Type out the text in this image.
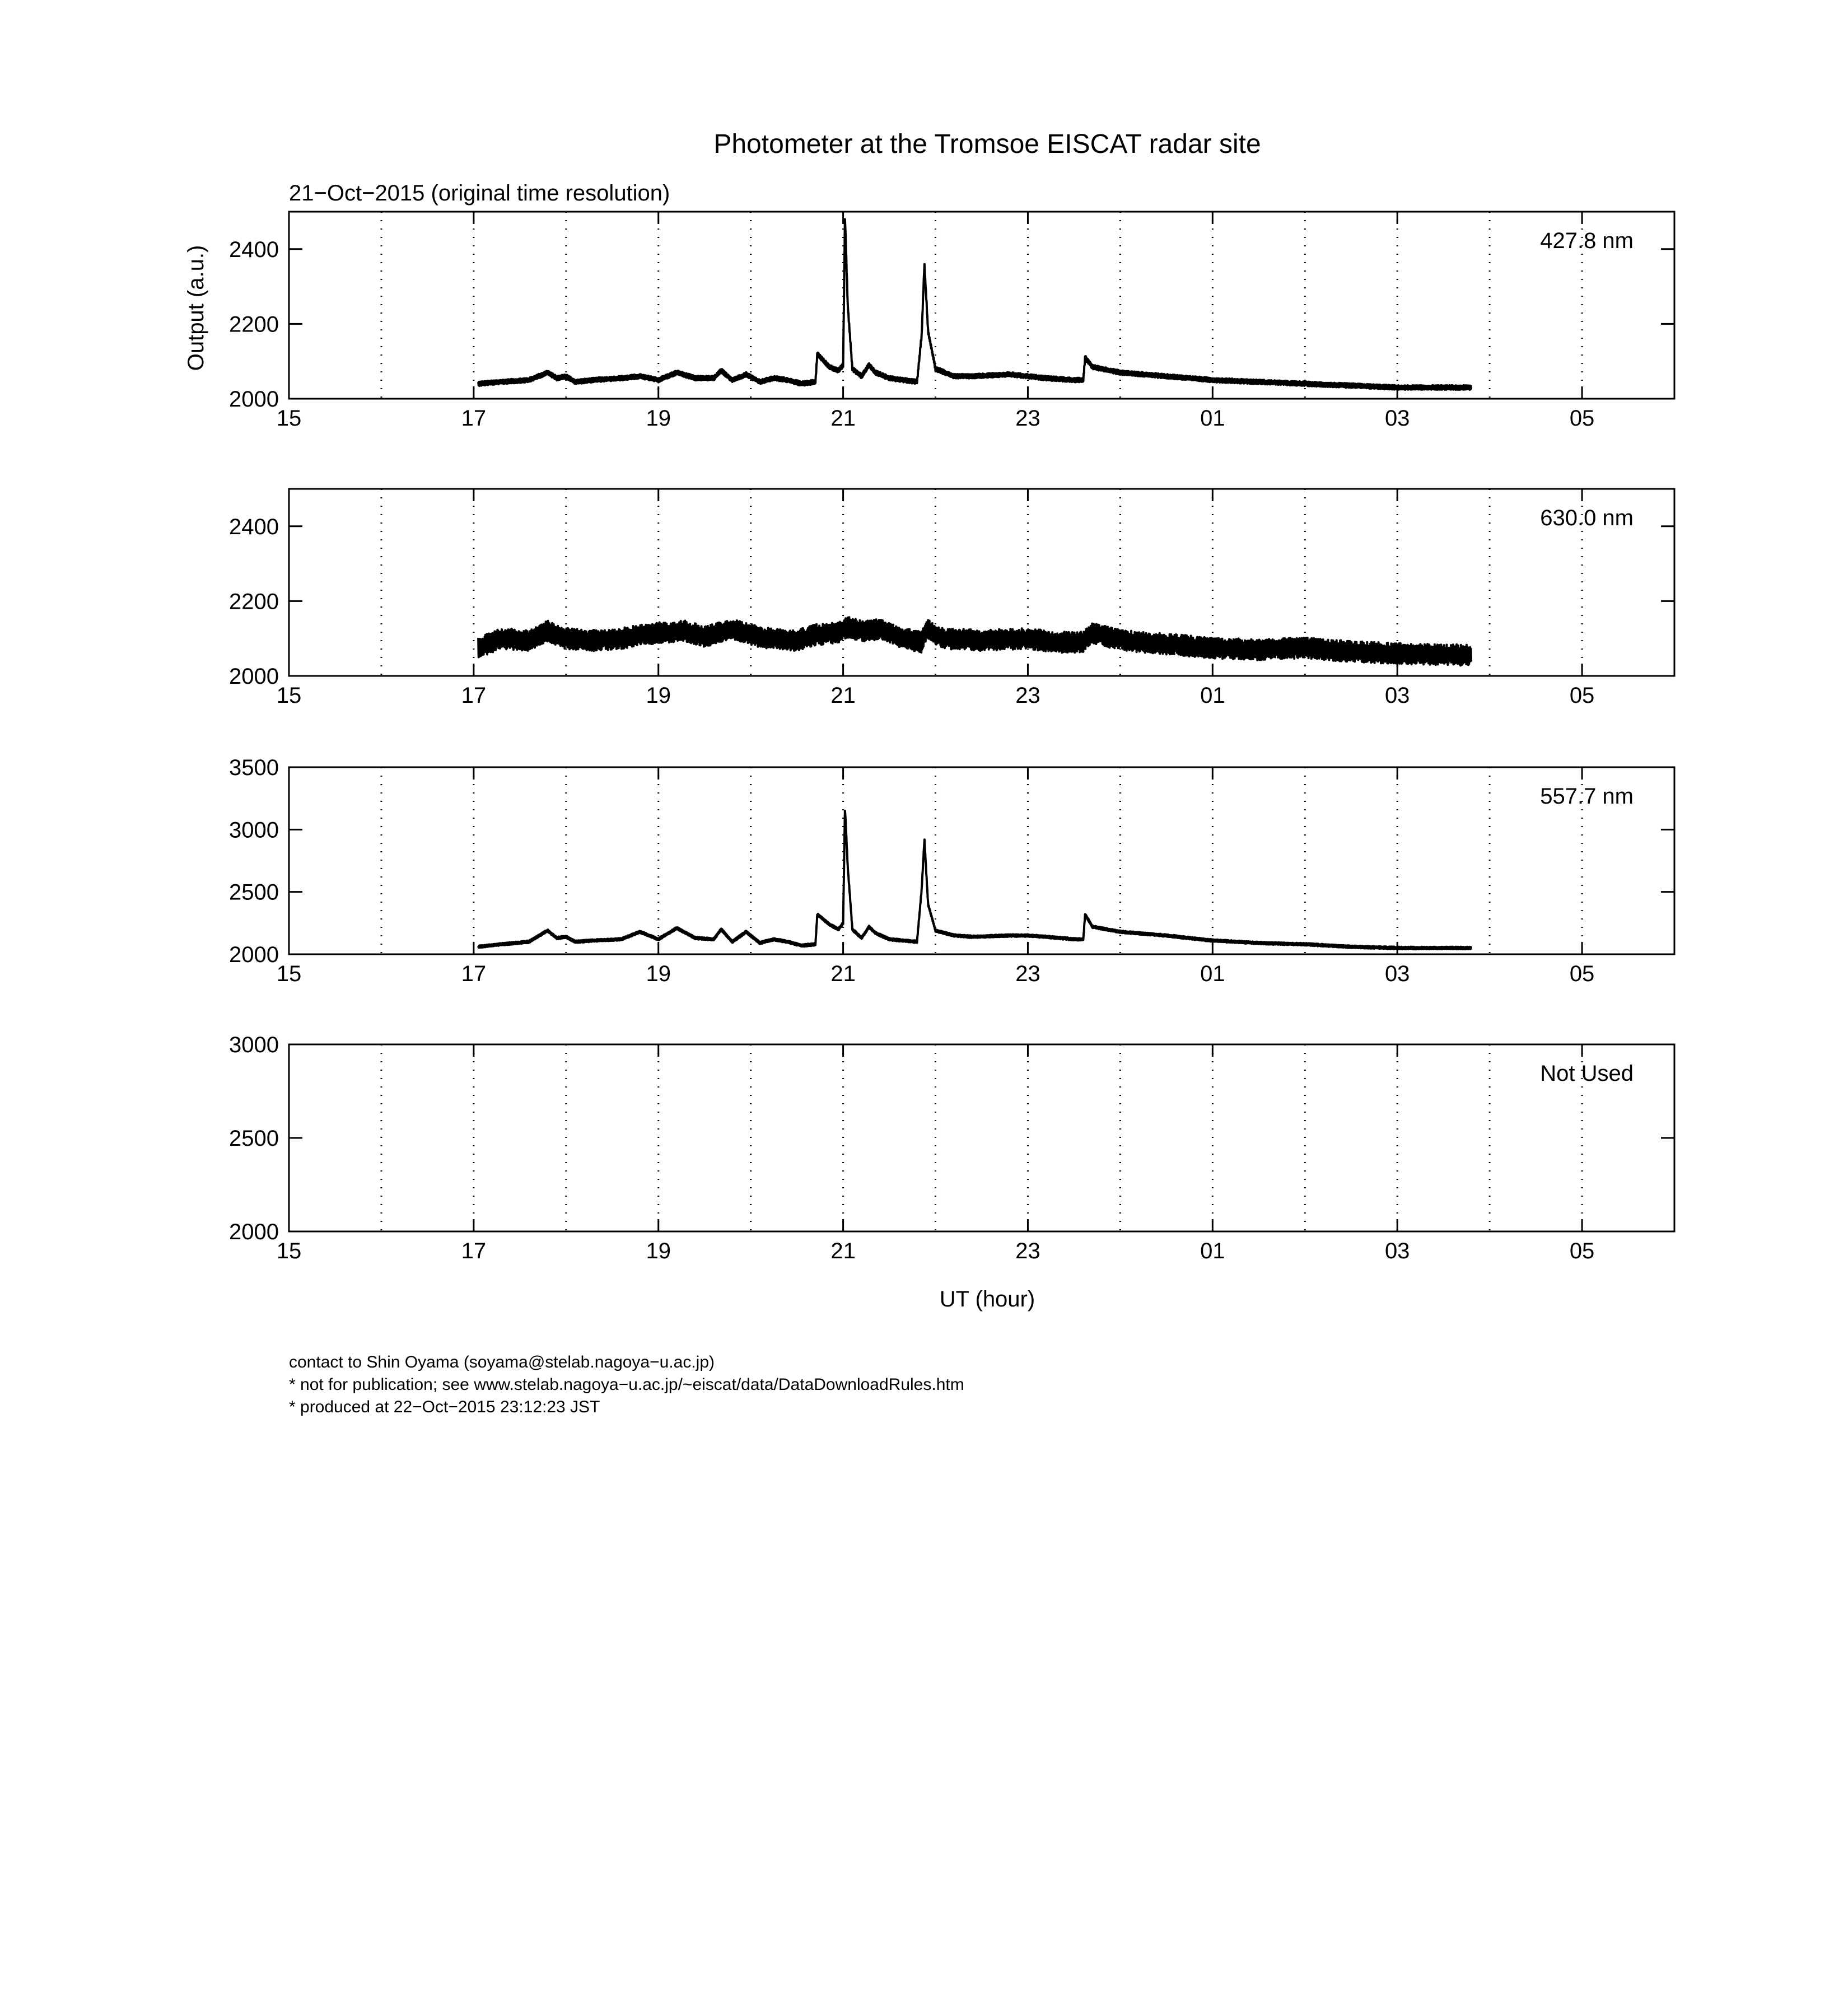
Photometer at the Tromsoe EISCAT radar site
21−Oct−2015 (original time resolution)
Output (a.u.)
UT (hour)
15	17	19	21	23	01	03	05
2000
2200
2400	427.8 nm
15	17	19	21	23	01	03	05
2000
2200
2400	630.0 nm
15	17	19	21	23	01	03	05
2000
2500
3000
3500
557.7 nm
15	17	19	21	23	01	03	05
2000
2500
3000
Not Used
contact to Shin Oyama (soyama@stelab.nagoya−u.ac.jp)
* not for publication; see www.stelab.nagoya−u.ac.jp/~eiscat/data/DataDownloadRules.htm
* produced at 22−Oct−2015 23:12:23 JST
